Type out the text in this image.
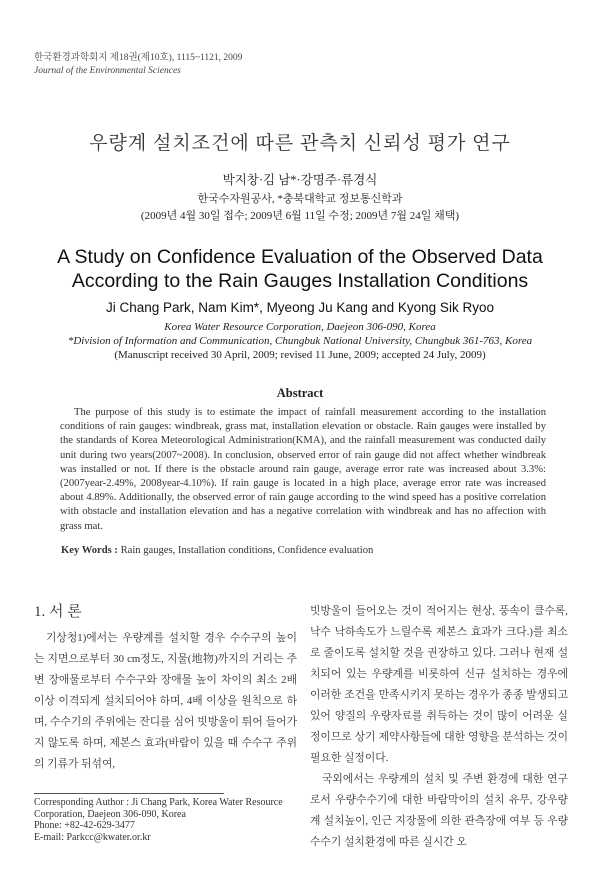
한국환경과학회지 제18권(제10호), 1115~1121, 2009
Journal of the Environmental Sciences
우량계 설치조건에 따른 관측치 신뢰성 평가 연구
박지창·김 남*·강명주·류경식
한국수자원공사, *충북대학교 정보통신학과
(2009년 4월 30일 접수; 2009년 6월 11일 수정; 2009년 7월 24일 채택)
A Study on Confidence Evaluation of the Observed Data
According to the Rain Gauges Installation Conditions
Ji Chang Park, Nam Kim*, Myeong Ju Kang and Kyong Sik Ryoo
Korea Water Resource Corporation, Daejeon 306-090, Korea
*Division of Information and Communication, Chungbuk National University, Chungbuk 361-763, Korea
(Manuscript received 30 April, 2009; revised 11 June, 2009; accepted 24 July, 2009)
Abstract

The purpose of this study is to estimate the impact of rainfall measurement according to the installation conditions of rain gauges: windbreak, grass mat, installation elevation or obstacle. Rain gauges were installed by the standards of Korea Meteorological Administration(KMA), and the rainfall measurement was conducted daily unit during two years(2007~2008). In conclusion, observed error of rain gauge did not affect whether windbreak was installed or not. If there is the obstacle around rain gauge, average error rate was increased about 3.3%: (2007year-2.49%, 2008year-4.10%). If rain gauge is located in a high place, average error rate was increased about 4.89%. Additionally, the observed error of rain gauge according to the wind speed has a positive correlation with obstacle and installation elevation and has a negative correlation with windbreak and has no affection with grass mat.

Key Words : Rain gauges, Installation conditions, Confidence evaluation
1. 서 론

기상청1)에서는 우량계를 설치할 경우 수수구의 높이는 지면으로부터 30 cm정도, 지물(地物)까지의 거리는 주변 장애물로부터 수수구와 장애물 높이 차이의 최소 2배 이상 이격되게 설치되어야 하며, 4배 이상을 원칙으로 하며, 수수기의 주위에는 잔디를 심어 빗방울이 튀어 들어가지 않도록 하며, 제본스 효과(바람이 있을 때 수수구 주위의 기류가 뒤섞여,

빗방울이 들어오는 것이 적어지는 현상, 풍속이 클수록, 낙수 낙하속도가 느릴수록 제본스 효과가 크다.)를 최소로 줄이도록 설치할 것을 권장하고 있다. 그러나 현재 설치되어 있는 우량계를 비롯하여 신규 설치하는 경우에 이러한 조건을 만족시키지 못하는 경우가 종종 발생되고 있어 양질의 우량자료를 취득하는 것이 많이 어려운 실정이므로 상기 제약사항들에 대한 영향을 분석하는 것이 필요한 실정이다.

국외에서는 우량계의 설치 및 주변 환경에 대한 연구로서 우량수수기에 대한 바람막이의 설치 유무, 강우량계 설치높이, 인근 지장물에 의한 관측장애 여부 등 우량수수기 설치환경에 따른 실시간 오

Corresponding Author : Ji Chang Park, Korea Water Resource Corporation, Daejeon 306-090, Korea
Phone: +82-42-629-3477
E-mail: Parkcc@kwater.or.kr
